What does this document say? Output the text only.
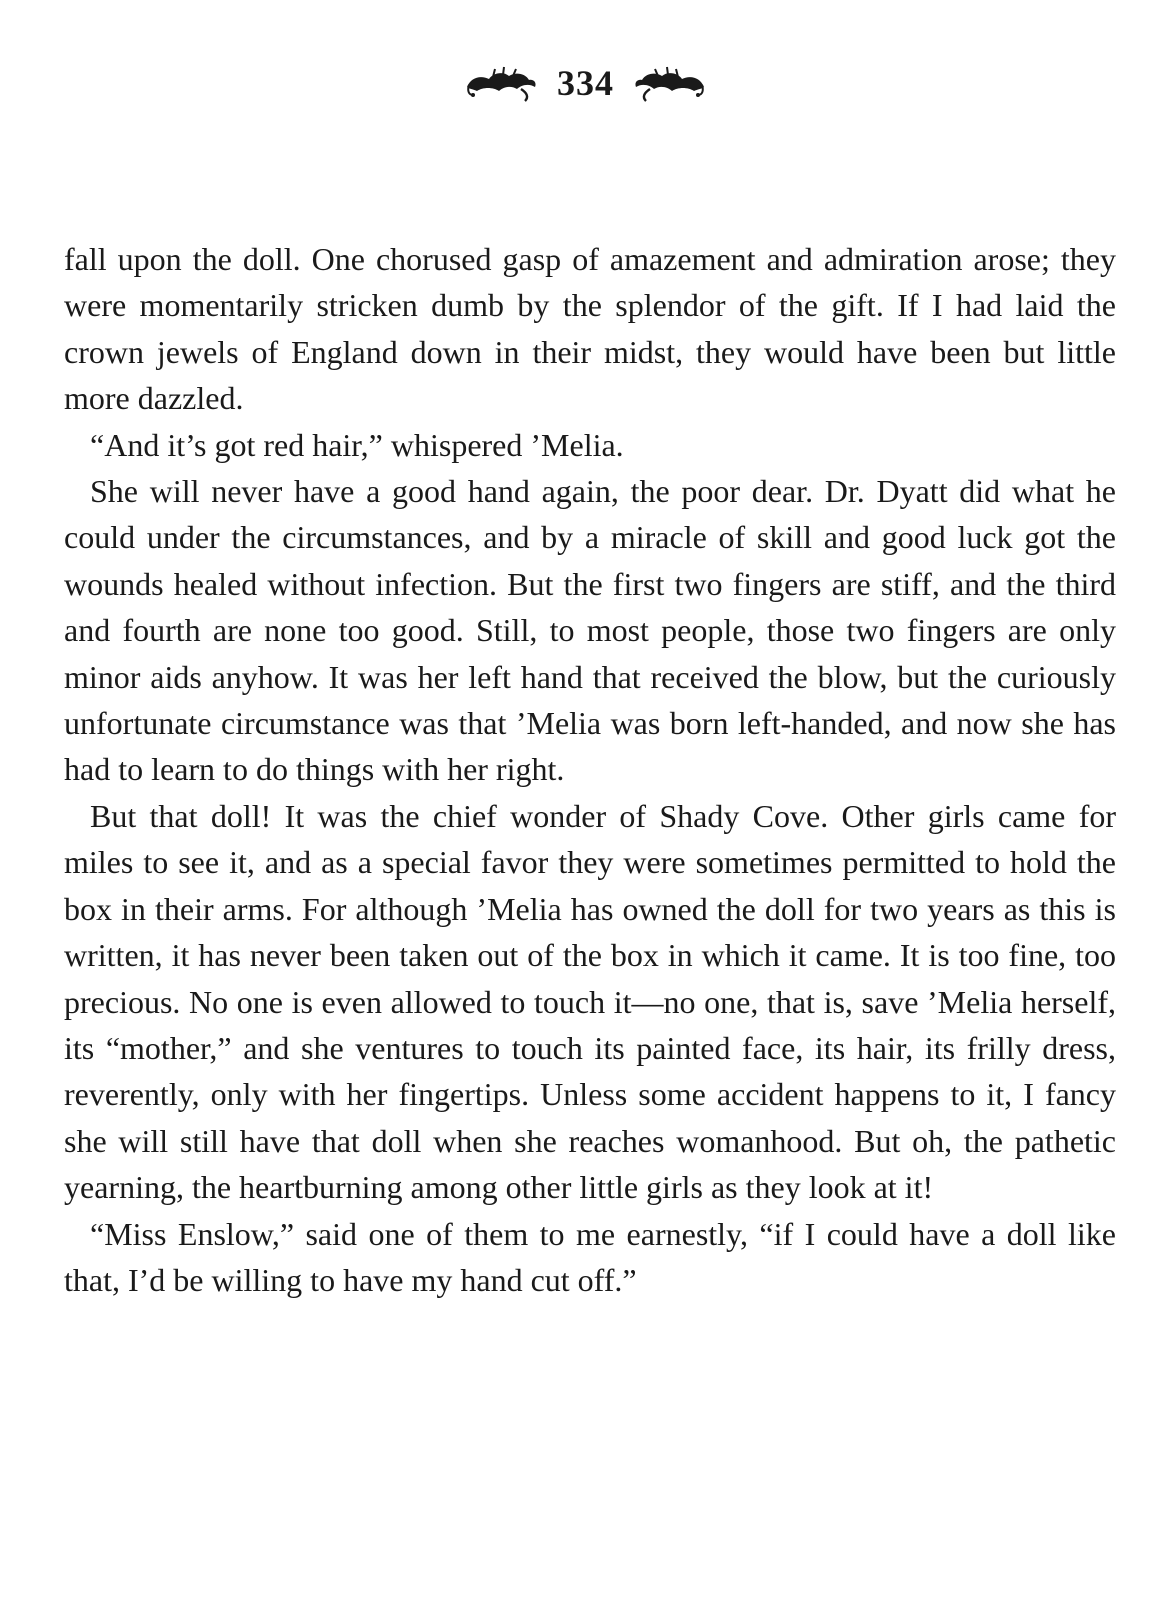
334

fall upon the doll. One chorused gasp of amazement and admiration arose; they were momentarily stricken dumb by the splendor of the gift. If I had laid the crown jewels of England down in their midst, they would have been but little more dazzled.

“And it’s got red hair,” whispered ’Melia.

She will never have a good hand again, the poor dear. Dr. Dyatt did what he could under the circumstances, and by a miracle of skill and good luck got the wounds healed without infection. But the first two fingers are stiff, and the third and fourth are none too good. Still, to most people, those two fingers are only minor aids anyhow. It was her left hand that received the blow, but the curiously unfortunate circumstance was that ’Melia was born left-handed, and now she has had to learn to do things with her right.

But that doll! It was the chief wonder of Shady Cove. Other girls came for miles to see it, and as a special favor they were sometimes permitted to hold the box in their arms. For although ’Melia has owned the doll for two years as this is written, it has never been taken out of the box in which it came. It is too fine, too precious. No one is even allowed to touch it—no one, that is, save ’Melia herself, its “mother,” and she ventures to touch its painted face, its hair, its frilly dress, reverently, only with her fingertips. Unless some accident happens to it, I fancy she will still have that doll when she reaches womanhood. But oh, the pathetic yearning, the heartburning among other little girls as they look at it!

“Miss Enslow,” said one of them to me earnestly, “if I could have a doll like that, I’d be willing to have my hand cut off.”
